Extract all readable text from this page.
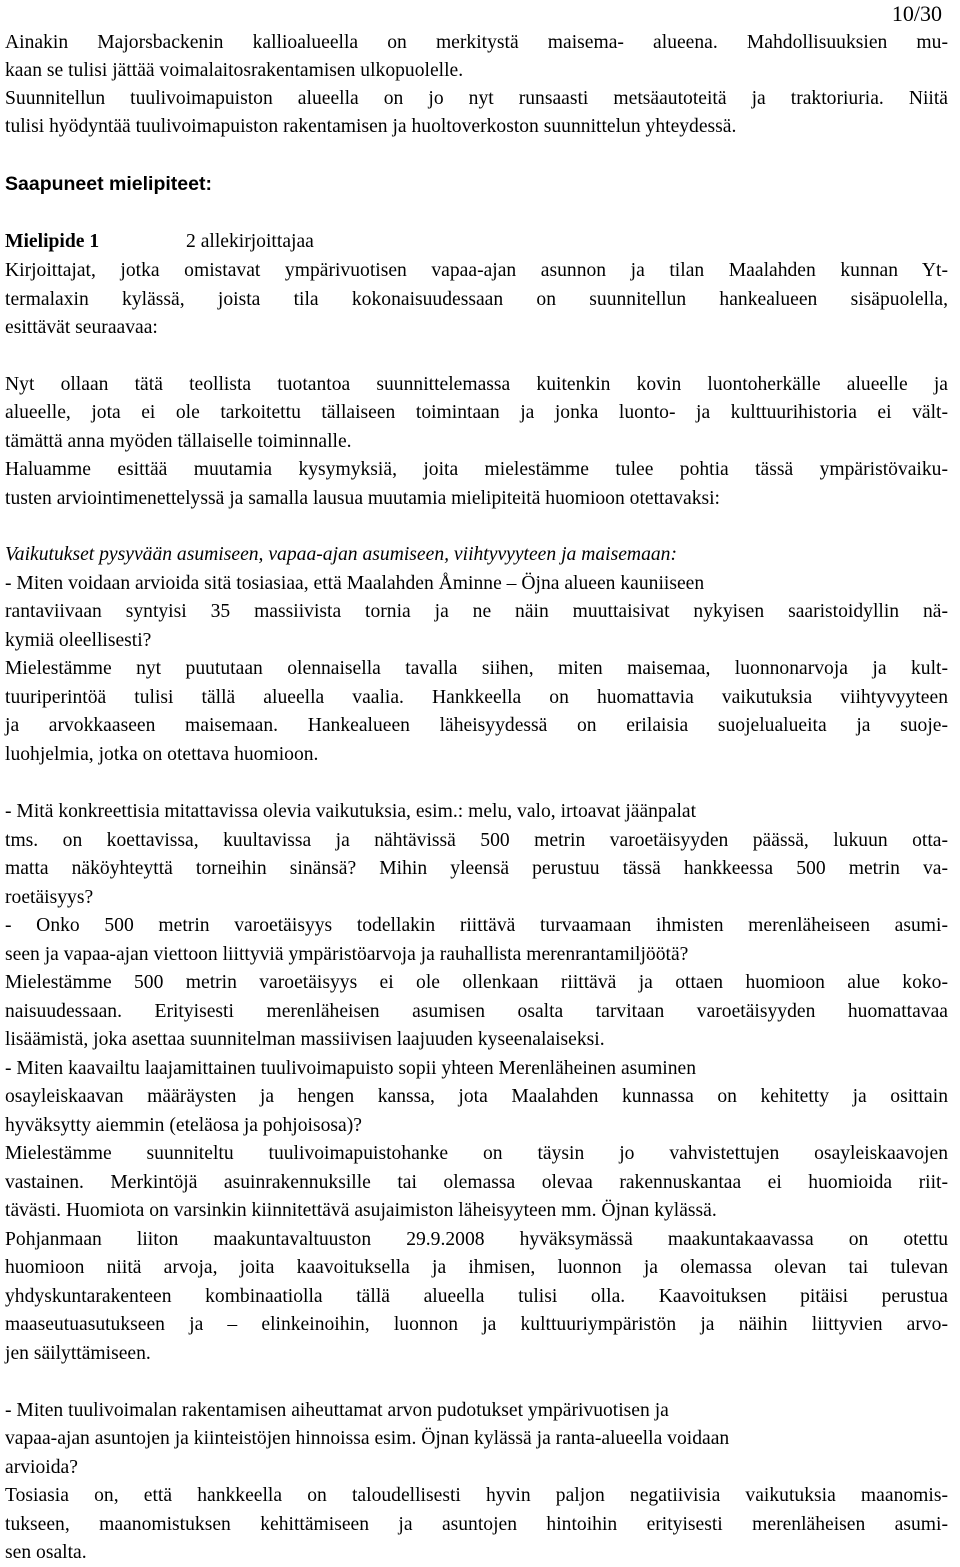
10/30
Ainakin Majorsbackenin kallioalueella on merkitystä maisema- alueena. Mahdollisuuksien mu-
kaan se tulisi jättää voimalaitosrakentamisen ulkopuolelle.
Suunnitellun tuulivoimapuiston alueella on jo nyt runsaasti metsäautoteitä ja traktoriuria. Niitä
tulisi hyödyntää tuulivoimapuiston rakentamisen ja huoltoverkoston suunnittelun yhteydessä.
Saapuneet mielipiteet:
Mielipide 1	2 allekirjoittajaa
Kirjoittajat, jotka omistavat ympärivuotisen vapaa-ajan asunnon ja tilan Maalahden kunnan Yt-
termalaxin kylässä, joista tila kokonaisuudessaan on suunnitellun hankealueen sisäpuolella,
esittävät seuraavaa:
Nyt ollaan tätä teollista tuotantoa suunnittelemassa kuitenkin kovin luontoherkälle alueelle ja
alueelle, jota ei ole tarkoitettu tällaiseen toimintaan ja jonka luonto- ja kulttuurihistoria ei vält-
tämättä anna myöden tällaiselle toiminnalle.
Haluamme esittää muutamia kysymyksiä, joita mielestämme tulee pohtia tässä ympäristövaiku-
tusten arviointimenettelyssä ja samalla lausua muutamia mielipiteitä huomioon otettavaksi:
Vaikutukset pysyvään asumiseen, vapaa-ajan asumiseen, viihtyvyyteen ja maisemaan:
- Miten voidaan arvioida sitä tosiasiaa, että Maalahden Åminne – Öjna alueen kauniiseen
rantaviivaan syntyisi 35 massiivista tornia ja ne näin muuttaisivat nykyisen saaristoidyllin nä-
kymiä oleellisesti?
Mielestämme nyt puututaan olennaisella tavalla siihen, miten maisemaa, luonnonarvoja ja kult-
tuuriperintöä tulisi tällä alueella vaalia. Hankkeella on huomattavia vaikutuksia viihtyvyyteen
ja arvokkaaseen maisemaan. Hankealueen läheisyydessä on erilaisia suojelualueita ja suoje-
luohjelmia, jotka on otettava huomioon.
- Mitä konkreettisia mitattavissa olevia vaikutuksia, esim.: melu, valo, irtoavat jäänpalat
tms. on koettavissa, kuultavissa ja nähtävissä 500 metrin varoetäisyyden päässä, lukuun otta-
matta näköyhteyttä torneihin sinänsä? Mihin yleensä perustuu tässä hankkeessa 500 metrin va-
roetäisyys?
- Onko 500 metrin varoetäisyys todellakin riittävä turvaamaan ihmisten merenläheiseen asumi-
seen ja vapaa-ajan viettoon liittyviä ympäristöarvoja ja rauhallista merenrantamiljöötä?
Mielestämme 500 metrin varoetäisyys ei ole ollenkaan riittävä ja ottaen huomioon alue koko-
naisuudessaan. Erityisesti merenläheisen asumisen osalta tarvitaan varoetäisyyden huomattavaa
lisäämistä, joka asettaa suunnitelman massiivisen laajuuden kyseenalaiseksi.
- Miten kaavailtu laajamittainen tuulivoimapuisto sopii yhteen Merenläheinen asuminen
osayleiskaavan määräysten ja hengen kanssa, jota Maalahden kunnassa on kehitetty ja osittain
hyväksytty aiemmin (eteläosa ja pohjoisosa)?
Mielestämme suunniteltu tuulivoimapuistohanke on täysin jo vahvistettujen osayleiskaavojen
vastainen. Merkintöjä asuinrakennuksille tai olemassa olevaa rakennuskantaa ei huomioida riit-
tävästi. Huomiota on varsinkin kiinnitettävä asujaimiston läheisyyteen mm. Öjnan kylässä.
Pohjanmaan liiton maakuntavaltuuston 29.9.2008 hyväksymässä maakuntakaavassa on otettu
huomioon niitä arvoja, joita kaavoituksella ja ihmisen, luonnon ja olemassa olevan tai tulevan
yhdyskuntarakenteen kombinaatiolla tällä alueella tulisi olla. Kaavoituksen pitäisi perustua
maaseutuasutukseen ja – elinkeinoihin, luonnon ja kulttuuriympäristön ja näihin liittyvien arvo-
jen säilyttämiseen.
- Miten tuulivoimalan rakentamisen aiheuttamat arvon pudotukset ympärivuotisen ja
vapaa-ajan asuntojen ja kiinteistöjen hinnoissa esim. Öjnan kylässä ja ranta-alueella voidaan
arvioida?
Tosiasia on, että hankkeella on taloudellisesti hyvin paljon negatiivisia vaikutuksia maanomis-
tukseen, maanomistuksen kehittämiseen ja asuntojen hintoihin erityisesti merenläheisen asumi-
sen osalta.
